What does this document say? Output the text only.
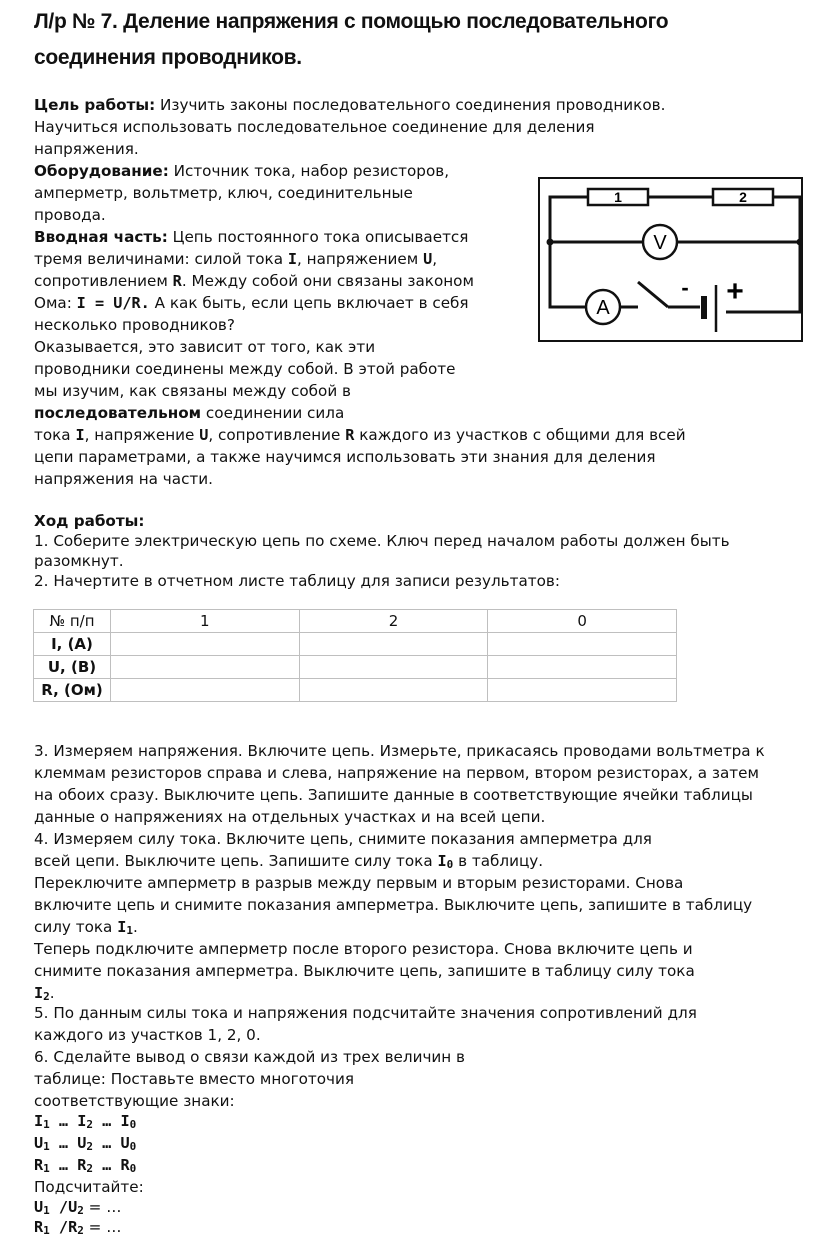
Л/р № 7. Деление напряжения с помощью последовательного
соединения проводников.
Цель работы: Изучить законы последовательного соединения проводников.
Научиться использовать последовательное соединение для деления
напряжения.
Оборудование: Источник тока, набор резисторов,
амперметр, вольтметр, ключ, соединительные
провода.
Вводная часть: Цепь постоянного тока описывается
тремя величинами: силой тока I, напряжением U,
сопротивлением R. Между собой они связаны законом
Ома: I = U/R. А как быть, если цепь включает в себя
несколько проводников?
Оказывается, это зависит от того, как эти
проводники соединены между собой. В этой работе
мы изучим, как связаны между собой в
последовательном соединении сила
тока I, напряжение U, сопротивление R каждого из участков с общими для всей
цепи параметрами, а также научимся использовать эти знания для деления
напряжения на части.
1	2
V
A
- +
Ход работы:
1. Соберите электрическую цепь по схеме. Ключ перед началом работы должен быть
разомкнут.
2. Начертите в отчетном листе таблицу для записи результатов:
№ п/п	1	2	0
I, (A)			
U, (B)			
R, (Ом)			
3. Измеряем напряжения. Включите цепь. Измерьте, прикасаясь проводами вольтметра к
клеммам резисторов справа и слева, напряжение на первом, втором резисторах, а затем
на обоих сразу. Выключите цепь. Запишите данные в соответствующие ячейки таблицы
данные о напряжениях на отдельных участках и на всей цепи.
4. Измеряем силу тока. Включите цепь, снимите показания амперметра для
всей цепи. Выключите цепь. Запишите силу тока $I_0$ в таблицу.
Переключите амперметр в разрыв между первым и вторым резисторами. Снова
включите цепь и снимите показания амперметра. Выключите цепь, запишите в таблицу
силу тока $I_1$.
Теперь подключите амперметр после второго резистора. Снова включите цепь и
снимите показания амперметра. Выключите цепь, запишите в таблицу силу тока
$I_2$.
5. По данным силы тока и напряжения подсчитайте значения сопротивлений для
каждого из участков 1, 2, 0.
6. Сделайте вывод о связи каждой из трех величин в
таблице: Поставьте вместо многоточия
соответствующие знаки:
$I_1$ … $I_2$ … $I_0$
$U_1$ … $U_2$ … $U_0$
$R_1$ … $R_2$ … $R_0$
Подсчитайте:
$U_1$ $/U_2$ = …
$R_1$ $/R_2$ = …
